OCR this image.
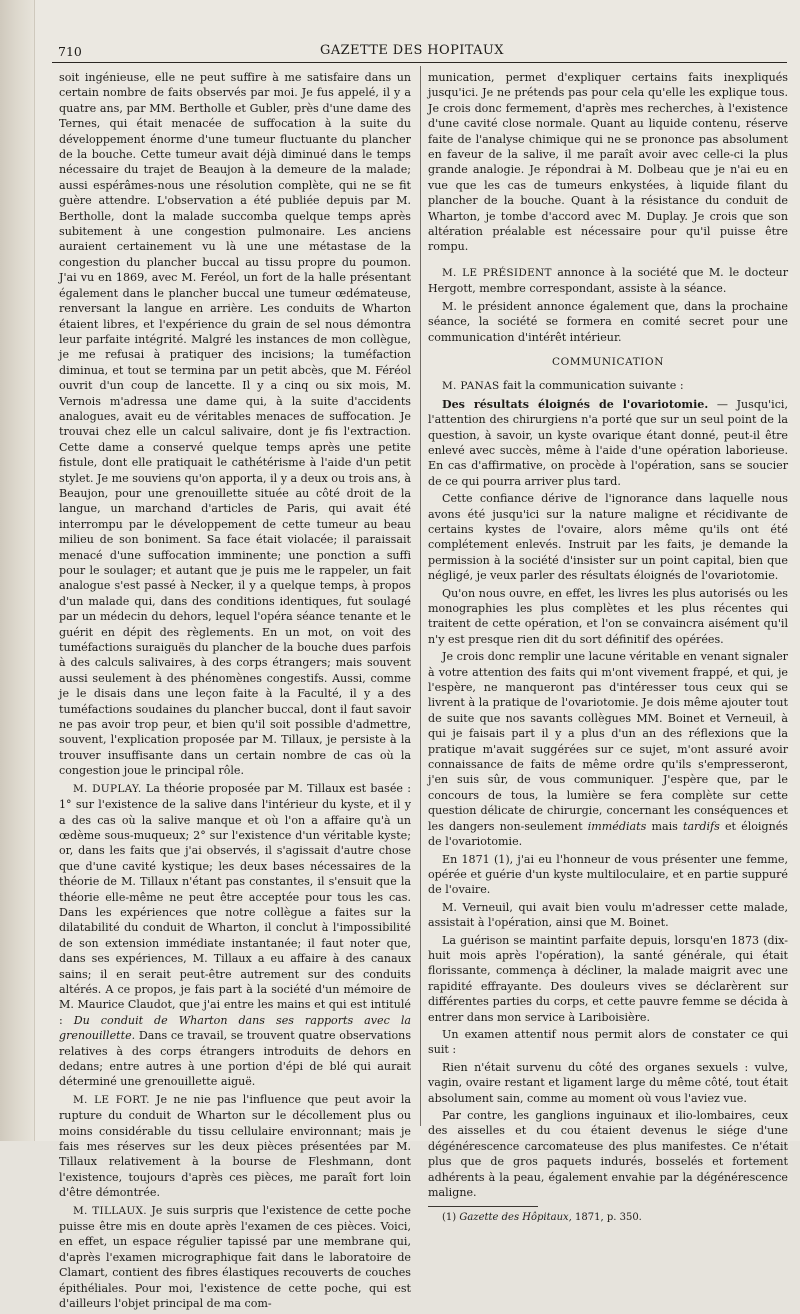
710	GAZETTE DES HOPITAUX

soit ingénieuse, elle ne peut suffire à me satisfaire dans un certain nombre de faits observés par moi. Je fus appelé, il y a quatre ans, par MM. Bertholle et Gubler, près d'une dame des Ternes, qui était menacée de suffocation à la suite du développement énorme d'une tumeur fluctuante du plancher de la bouche. Cette tumeur avait déjà diminué dans le temps nécessaire du trajet de Beaujon à la demeure de la malade; aussi espérâmes-nous une résolution complète, qui ne se fit guère attendre. L'observation a été publiée depuis par M. Bertholle, dont la malade succomba quelque temps après subitement à une congestion pulmonaire. Les anciens auraient certainement vu là une une métastase de la congestion du plancher buccal au tissu propre du poumon. J'ai vu en 1869, avec M. Feréol, un fort de la halle présentant également dans le plancher buccal une tumeur œdémateuse, renversant la langue en arrière. Les conduits de Wharton étaient libres, et l'expérience du grain de sel nous démontra leur parfaite intégrité. Malgré les instances de mon collègue, je me refusai à pratiquer des incisions; la tuméfaction diminua, et tout se termina par un petit abcès, que M. Féréol ouvrit d'un coup de lancette. Il y a cinq ou six mois, M. Vernois m'adressa une dame qui, à la suite d'accidents analogues, avait eu de véritables menaces de suffocation. Je trouvai chez elle un calcul salivaire, dont je fis l'extraction. Cette dame a conservé quelque temps après une petite fistule, dont elle pratiquait le cathétérisme à l'aide d'un petit stylet. Je me souviens qu'on apporta, il y a deux ou trois ans, à Beaujon, pour une grenouillette située au côté droit de la langue, un marchand d'articles de Paris, qui avait été interrompu par le développement de cette tumeur au beau milieu de son boniment. Sa face était violacée; il paraissait menacé d'une suffocation imminente; une ponction a suffi pour le soulager; et autant que je puis me le rappeler, un fait analogue s'est passé à Necker, il y a quelque temps, à propos d'un malade qui, dans des conditions identiques, fut soulagé par un médecin du dehors, lequel l'opéra séance tenante et le guérit en dépit des règlements. En un mot, on voit des tuméfactions suraiguës du plancher de la bouche dues parfois à des calculs salivaires, à des corps étrangers; mais souvent aussi seulement à des phénomènes congestifs. Aussi, comme je le disais dans une leçon faite à la Faculté, il y a des tuméfactions soudaines du plancher buccal, dont il faut savoir ne pas avoir trop peur, et bien qu'il soit possible d'admettre, souvent, l'explication proposée par M. Tillaux, je persiste à la trouver insuffisante dans un certain nombre de cas où la congestion joue le principal rôle.

M. DUPLAY. La théorie proposée par M. Tillaux est basée : 1° sur l'existence de la salive dans l'intérieur du kyste, et il y a des cas où la salive manque et où l'on a affaire qu'à un œdème sous-muqueux; 2° sur l'existence d'un véritable kyste; or, dans les faits que j'ai observés, il s'agissait d'autre chose que d'une cavité kystique; les deux bases nécessaires de la théorie de M. Tillaux n'étant pas constantes, il s'ensuit que la théorie elle-même ne peut être acceptée pour tous les cas. Dans les expériences que notre collègue a faites sur la dilatabilité du conduit de Wharton, il conclut à l'impossibilité de son extension immédiate instantanée; il faut noter que, dans ses expériences, M. Tillaux a eu affaire à des canaux sains; il en serait peut-être autrement sur des conduits altérés. A ce propos, je fais part à la société d'un mémoire de M. Maurice Claudot, que j'ai entre les mains et qui est intitulé : Du conduit de Wharton dans ses rapports avec la grenouillette. Dans ce travail, se trouvent quatre observations relatives à des corps étrangers introduits de dehors en dedans; entre autres à une portion d'épi de blé qui aurait déterminé une grenouillette aiguë.

M. LE FORT. Je ne nie pas l'influence que peut avoir la rupture du conduit de Wharton sur le décollement plus ou moins considérable du tissu cellulaire environnant; mais je fais mes réserves sur les deux pièces présentées par M. Tillaux relativement à la bourse de Fleshmann, dont l'existence, toujours d'après ces pièces, me paraît fort loin d'être démontrée.

M. TILLAUX. Je suis surpris que l'existence de cette poche puisse être mis en doute après l'examen de ces pièces. Voici, en effet, un espace régulier tapissé par une membrane qui, d'après l'examen micrographique fait dans le laboratoire de Clamart, contient des fibres élastiques recouverts de couches épithéliales. Pour moi, l'existence de cette poche, qui est d'ailleurs l'objet principal de ma com-

munication, permet d'expliquer certains faits inexpliqués jusqu'ici. Je ne prétends pas pour cela qu'elle les explique tous. Je crois donc fermement, d'après mes recherches, à l'existence d'une cavité close normale. Quant au liquide contenu, réserve faite de l'analyse chimique qui ne se prononce pas absolument en faveur de la salive, il me paraît avoir avec celle-ci la plus grande analogie. Je répondrai à M. Dolbeau que je n'ai eu en vue que les cas de tumeurs enkystées, à liquide filant du plancher de la bouche. Quant à la résistance du conduit de Wharton, je tombe d'accord avec M. Duplay. Je crois que son altération préalable est nécessaire pour qu'il puisse être rompu.

M. LE PRÉSIDENT annonce à la société que M. le docteur Hergott, membre correspondant, assiste à la séance.

M. le président annonce également que, dans la prochaine séance, la société se formera en comité secret pour une communication d'intérêt intérieur.

COMMUNICATION

M. PANAS fait la communication suivante :

Des résultats éloignés de l'ovariotomie. — Jusqu'ici, l'attention des chirurgiens n'a porté que sur un seul point de la question, à savoir, un kyste ovarique étant donné, peut-il être enlevé avec succès, même à l'aide d'une opération laborieuse. En cas d'affirmative, on procède à l'opération, sans se soucier de ce qui pourra arriver plus tard.

Cette confiance dérive de l'ignorance dans laquelle nous avons été jusqu'ici sur la nature maligne et récidivante de certains kystes de l'ovaire, alors même qu'ils ont été complétement enlevés. Instruit par les faits, je demande la permission à la société d'insister sur un point capital, bien que négligé, je veux parler des résultats éloignés de l'ovariotomie.

Qu'on nous ouvre, en effet, les livres les plus autorisés ou les monographies les plus complètes et les plus récentes qui traitent de cette opération, et l'on se convaincra aisément qu'il n'y est presque rien dit du sort définitif des opérées.

Je crois donc remplir une lacune véritable en venant signaler à votre attention des faits qui m'ont vivement frappé, et qui, je l'espère, ne manqueront pas d'intéresser tous ceux qui se livrent à la pratique de l'ovariotomie. Je dois même ajouter tout de suite que nos savants collègues MM. Boinet et Verneuil, à qui je faisais part il y a plus d'un an des réflexions que la pratique m'avait suggérées sur ce sujet, m'ont assuré avoir connaissance de faits de même ordre qu'ils s'empresseront, j'en suis sûr, de vous communiquer. J'espère que, par le concours de tous, la lumière se fera complète sur cette question délicate de chirurgie, concernant les conséquences et les dangers non-seulement immédiats mais tardifs et éloignés de l'ovariotomie.

En 1871 (1), j'ai eu l'honneur de vous présenter une femme, opérée et guérie d'un kyste multiloculaire, et en partie suppuré de l'ovaire.

M. Verneuil, qui avait bien voulu m'adresser cette malade, assistait à l'opération, ainsi que M. Boinet.

La guérison se maintint parfaite depuis, lorsqu'en 1873 (dix-huit mois après l'opération), la santé générale, qui était florissante, commença à décliner, la malade maigrit avec une rapidité effrayante. Des douleurs vives se déclarèrent sur différentes parties du corps, et cette pauvre femme se décida à entrer dans mon service à Lariboisière.

Un examen attentif nous permit alors de constater ce qui suit :

Rien n'était survenu du côté des organes sexuels : vulve, vagin, ovaire restant et ligament large du même côté, tout était absolument sain, comme au moment où vous l'aviez vue.

Par contre, les ganglions inguinaux et ilio-lombaires, ceux des aisselles et du cou étaient devenus le siége d'une dégénérescence carcomateuse des plus manifestes. Ce n'était plus que de gros paquets indurés, bosselés et fortement adhérents à la peau, également envahie par la dégénérescence maligne.

(1) Gazette des Hôpitaux, 1871, p. 350.
